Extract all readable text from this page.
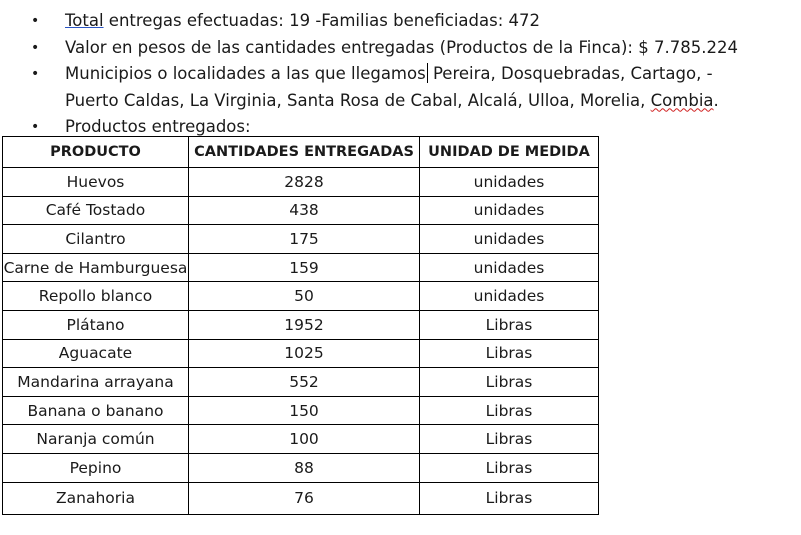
• Total entregas efectuadas: 19 -Familias beneficiadas: 472
• Valor en pesos de las cantidades entregadas (Productos de la Finca): $ 7.785.224
• Municipios o localidades a las que llegamos Pereira, Dosquebradas, Cartago, -
Puerto Caldas, La Virginia, Santa Rosa de Cabal, Alcalá, Ulloa, Morelia, Combia.
• Productos entregados:
PRODUCTO	CANTIDADES ENTREGADAS	UNIDAD DE MEDIDA
Huevos	2828	unidades
Café Tostado	438	unidades
Cilantro	175	unidades
Carne de Hamburguesa	159	unidades
Repollo blanco	50	unidades
Plátano	1952	Libras
Aguacate	1025	Libras
Mandarina arrayana	552	Libras
Banana o banano	150	Libras
Naranja común	100	Libras
Pepino	88	Libras
Zanahoria	76	Libras
